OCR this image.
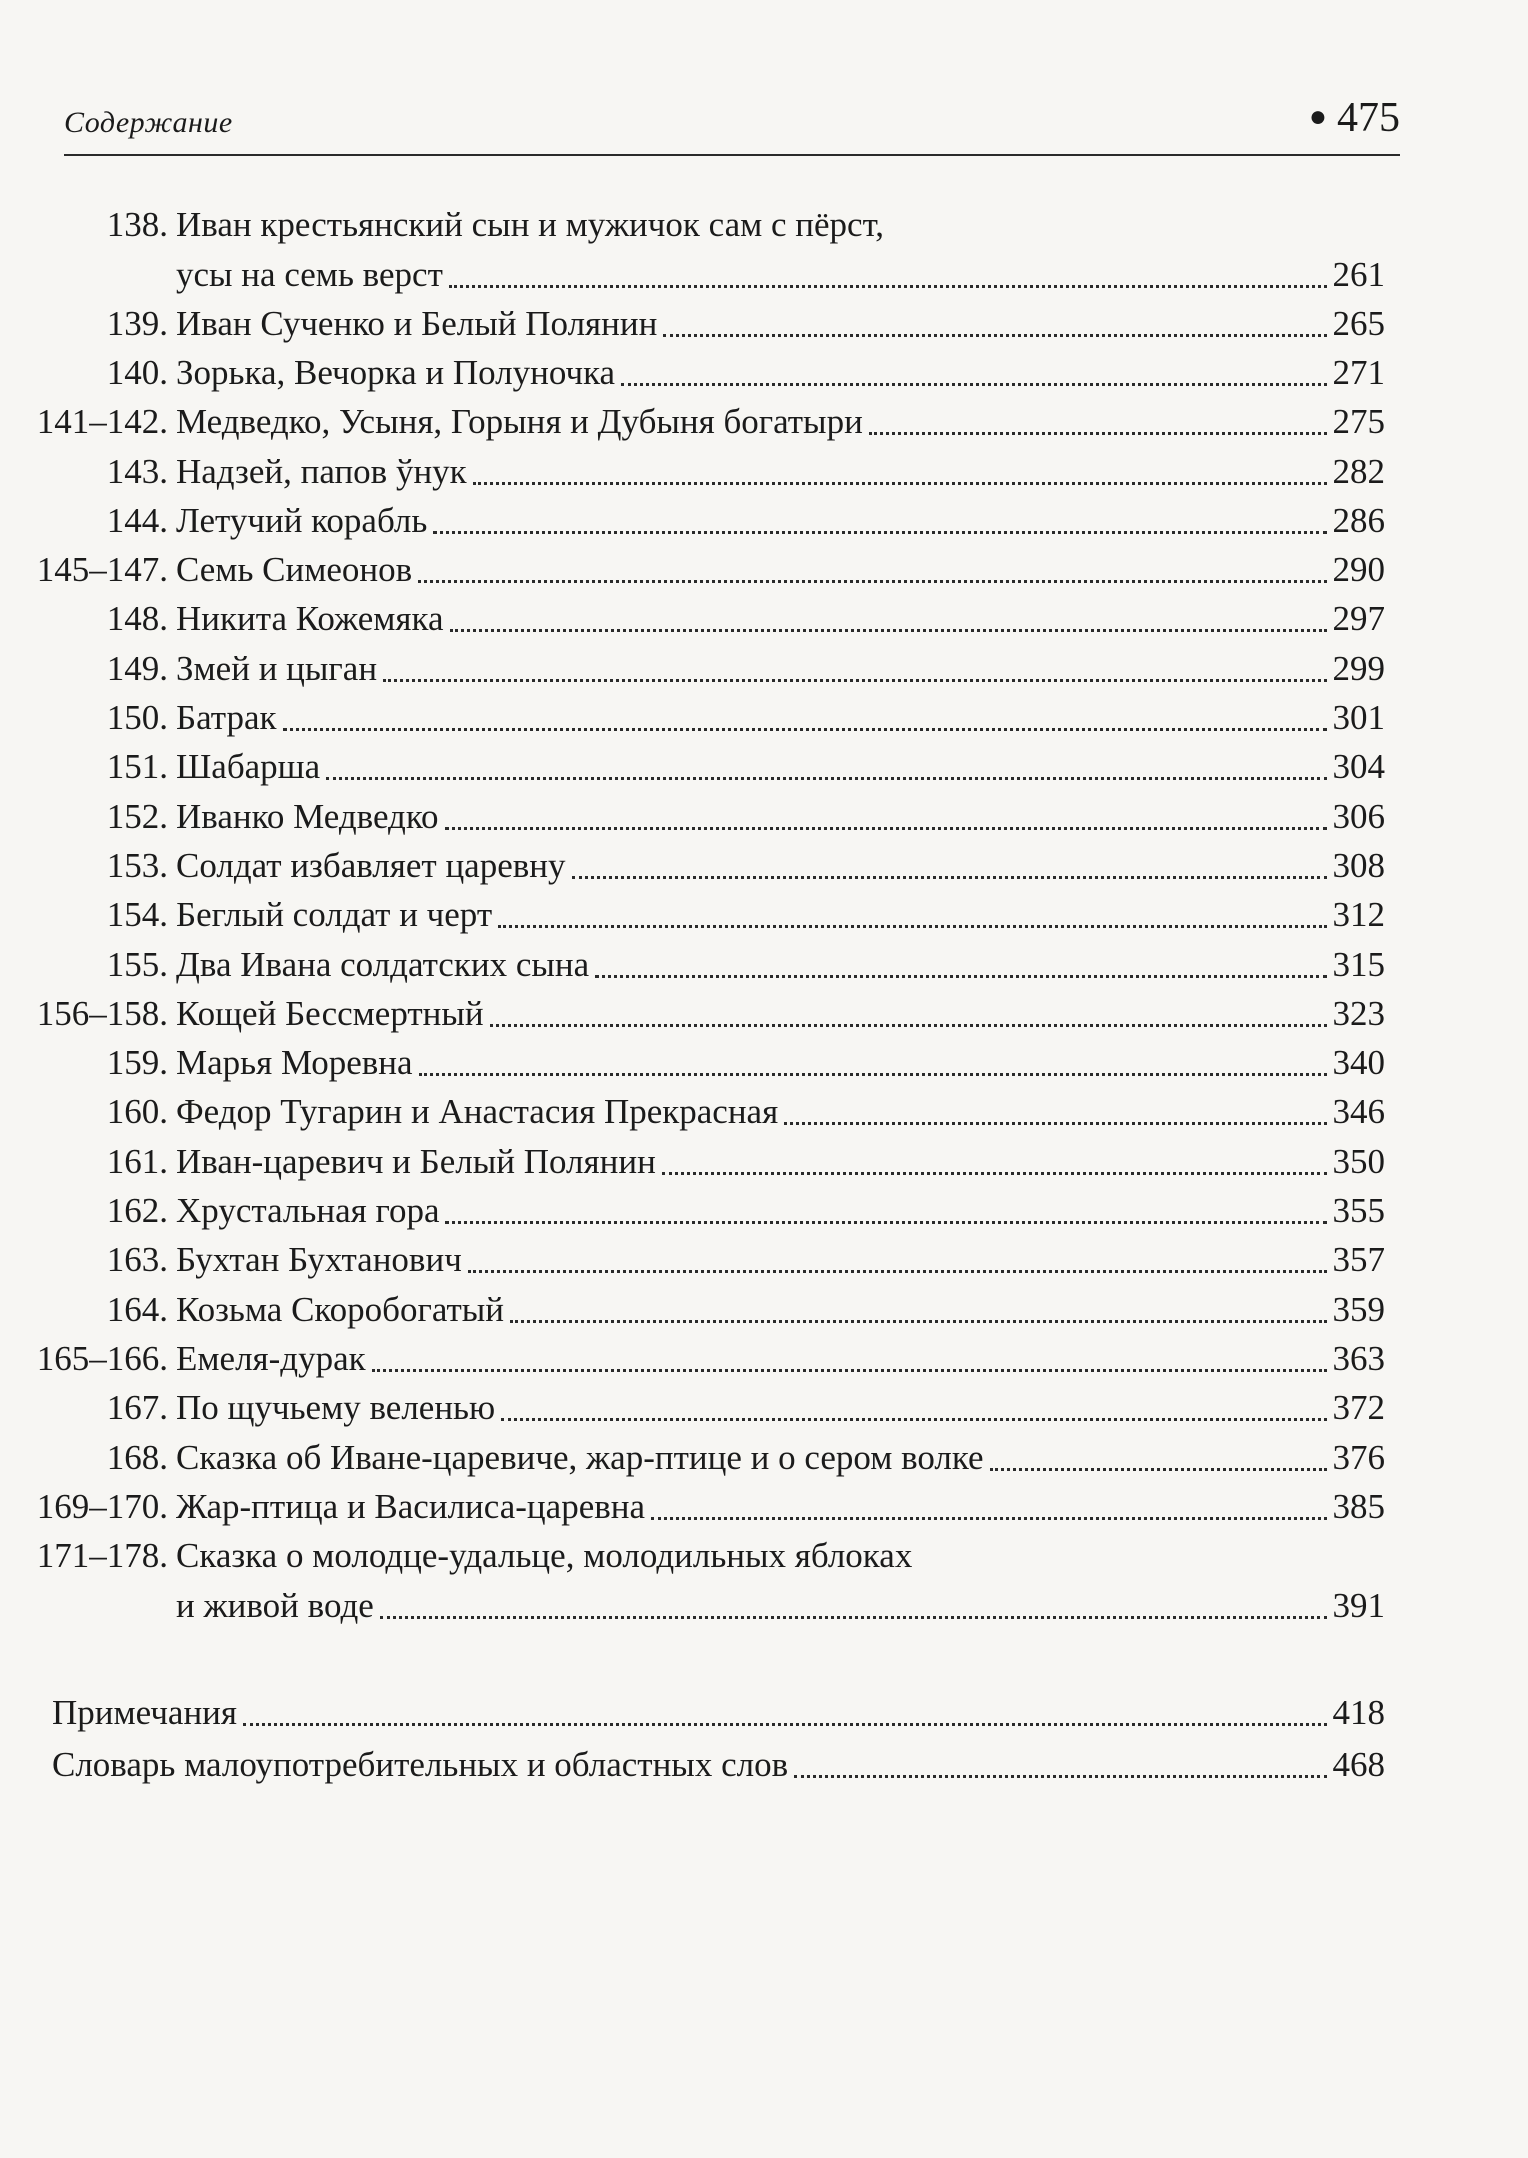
Содержание	● 475
138. Иван крестьянский сын и мужичок сам с пёрст,
усы на семь верст	261
139. Иван Сученко и Белый Полянин	265
140. Зорька, Вечорка и Полуночка	271
141–142. Медведко, Усыня, Горыня и Дубыня богатыри	275
143. Надзей, папов ўнук	282
144. Летучий корабль	286
145–147. Семь Симеонов	290
148. Никита Кожемяка	297
149. Змей и цыган	299
150. Батрак	301
151. Шабарша	304
152. Иванко Медведко	306
153. Солдат избавляет царевну	308
154. Беглый солдат и черт	312
155. Два Ивана солдатских сына	315
156–158. Кощей Бессмертный	323
159. Марья Моревна	340
160. Федор Тугарин и Анастасия Прекрасная	346
161. Иван-царевич и Белый Полянин	350
162. Хрустальная гора	355
163. Бухтан Бухтанович	357
164. Козьма Скоробогатый	359
165–166. Емеля-дурак	363
167. По щучьему веленью	372
168. Сказка об Иване-царевиче, жар-птице и о сером волке	376
169–170. Жар-птица и Василиса-царевна	385
171–178. Сказка о молодце-удальце, молодильных яблоках
и живой воде	391
Примечания	418
Словарь малоупотребительных и областных слов	468
